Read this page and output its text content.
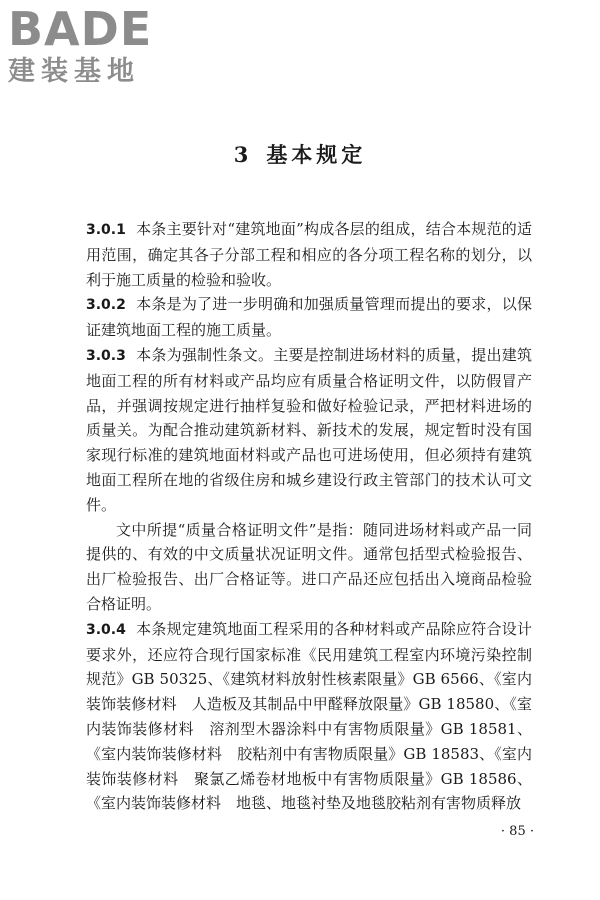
BADE
建装基地
3 基本规定

3.0.1 本条主要针对“建筑地面”构成各层的组成，结合本规范的适用范围，确定其各子分部工程和相应的各分项工程名称的划分，以利于施工质量的检验和验收。

3.0.2 本条是为了进一步明确和加强质量管理而提出的要求，以保证建筑地面工程的施工质量。

3.0.3 本条为强制性条文。主要是控制进场材料的质量，提出建筑地面工程的所有材料或产品均应有质量合格证明文件，以防假冒产品，并强调按规定进行抽样复验和做好检验记录，严把材料进场的质量关。为配合推动建筑新材料、新技术的发展，规定暂时没有国家现行标准的建筑地面材料或产品也可进场使用，但必须持有建筑地面工程所在地的省级住房和城乡建设行政主管部门的技术认可文件。

文中所提“质量合格证明文件”是指：随同进场材料或产品一同提供的、有效的中文质量状况证明文件。通常包括型式检验报告、出厂检验报告、出厂合格证等。进口产品还应包括出入境商品检验合格证明。

3.0.4 本条规定建筑地面工程采用的各种材料或产品除应符合设计要求外，还应符合现行国家标准《民用建筑工程室内环境污染控制规范》GB 50325、《建筑材料放射性核素限量》GB 6566、《室内装饰装修材料　人造板及其制品中甲醛释放限量》GB 18580、《室内装饰装修材料　溶剂型木器涂料中有害物质限量》GB 18581、《室内装饰装修材料　胶粘剂中有害物质限量》GB 18583、《室内装饰装修材料　聚氯乙烯卷材地板中有害物质限量》GB 18586、《室内装饰装修材料　地毯、地毯衬垫及地毯胶粘剂有害物质释放

· 85 ·
